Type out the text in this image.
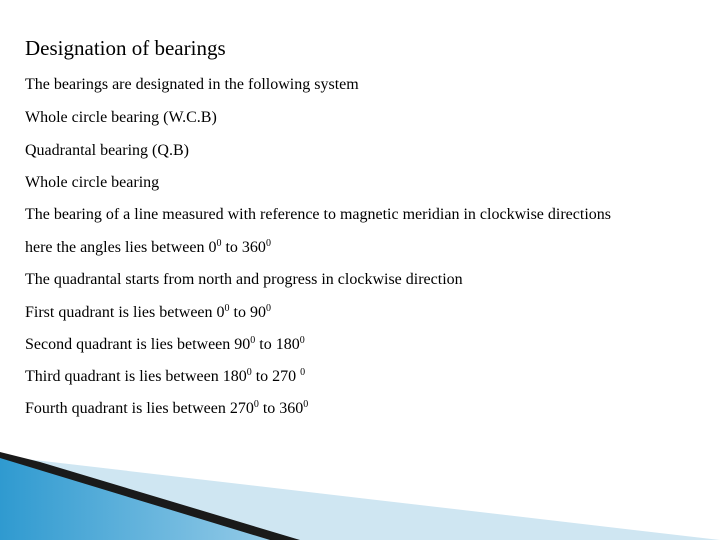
Designation of bearings
The bearings are designated in the following system
Whole circle bearing (W.C.B)
Quadrantal bearing (Q.B)
Whole circle bearing
The bearing of a line measured with reference to magnetic meridian in clockwise directions
here the angles lies between $0^0$ to $360^0$
The quadrantal starts from north and progress in clockwise direction
First quadrant is lies between $0^0$ to $90^0$
Second quadrant is lies between $90^0$ to $180^0$
Third quadrant is lies between $180^0$ to 270 $^0$
Fourth quadrant is lies between $270^0$ to $360^0$
